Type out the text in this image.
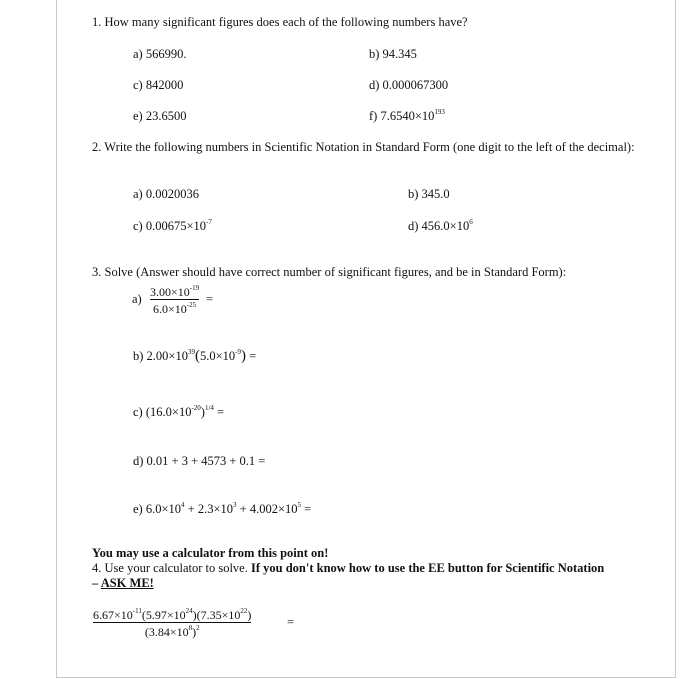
1. How many significant figures does each of the following numbers have?
a) 566990.	b) 94.345
c) 842000	d) 0.000067300
e) 23.6500	f) $7.6540\times 10^{193}$
2. Write the following numbers in Scientific Notation in Standard Form (one digit to the left of the decimal):
a) 0.0020036	b) 345.0
c) $0.00675\times 10^{-7}$	d) $456.0\times 10^6$
3. Solve (Answer should have correct number of significant figures, and be in Standard Form):
$a) \frac{3.00\times 10^{-19}}{6.0\times 10^{-25}}$ =
b) $2.00\times 10^{39}(5.0\times 10^{-9})$ =
c) $(16.0\times 10^{-20})^{1/4}$ =
d) 0.01 + 3 + 4573 + 0.1 =
e) $6.0\times 10^4 + 2.3\times 10^3 + 4.002\times 10^5$ =
You may use a calculator from this point on!
4. Use your calculator to solve. If you don't know how to use the EE button for Scientific Notation
– ASK ME!
$\frac{6.67\times 10^{-11}(5.97\times 10^{24})(7.35\times 10^{22})}{(3.84\times 10^8)^2}$	=
